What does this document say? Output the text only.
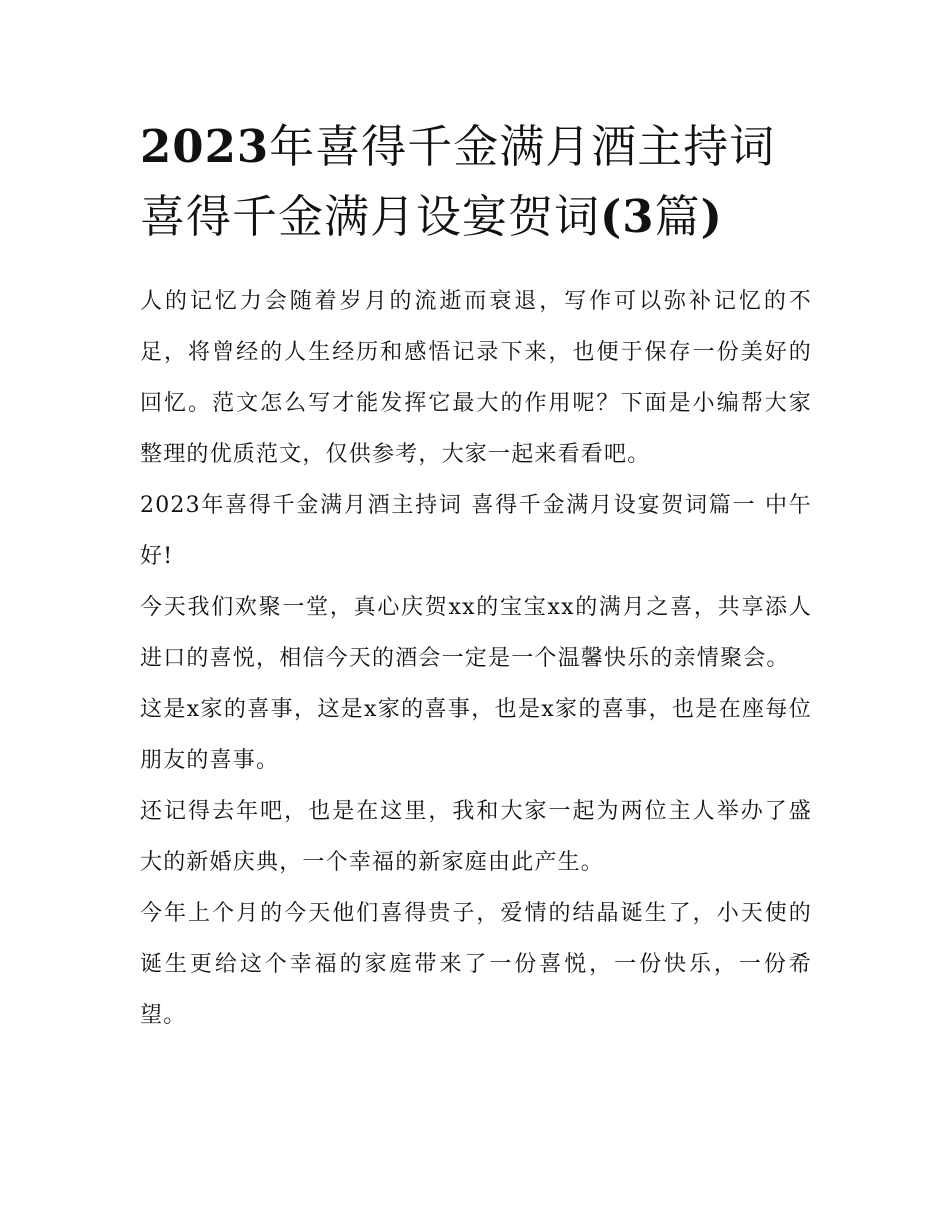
2023年喜得千金满月酒主持词
喜得千金满月设宴贺词(3篇)

人的记忆力会随着岁月的流逝而衰退，写作可以弥补记忆的不足，将曾经的人生经历和感悟记录下来，也便于保存一份美好的回忆。范文怎么写才能发挥它最大的作用呢？下面是小编帮大家整理的优质范文，仅供参考，大家一起来看看吧。

2023年喜得千金满月酒主持词 喜得千金满月设宴贺词篇一 中午好!

今天我们欢聚一堂，真心庆贺xx的宝宝xx的满月之喜，共享添人进口的喜悦，相信今天的酒会一定是一个温馨快乐的亲情聚会。

这是x家的喜事，这是x家的喜事，也是x家的喜事，也是在座每位朋友的喜事。

还记得去年吧，也是在这里，我和大家一起为两位主人举办了盛大的新婚庆典，一个幸福的新家庭由此产生。

今年上个月的今天他们喜得贵子，爱情的结晶诞生了，小天使的诞生更给这个幸福的家庭带来了一份喜悦，一份快乐，一份希望。
